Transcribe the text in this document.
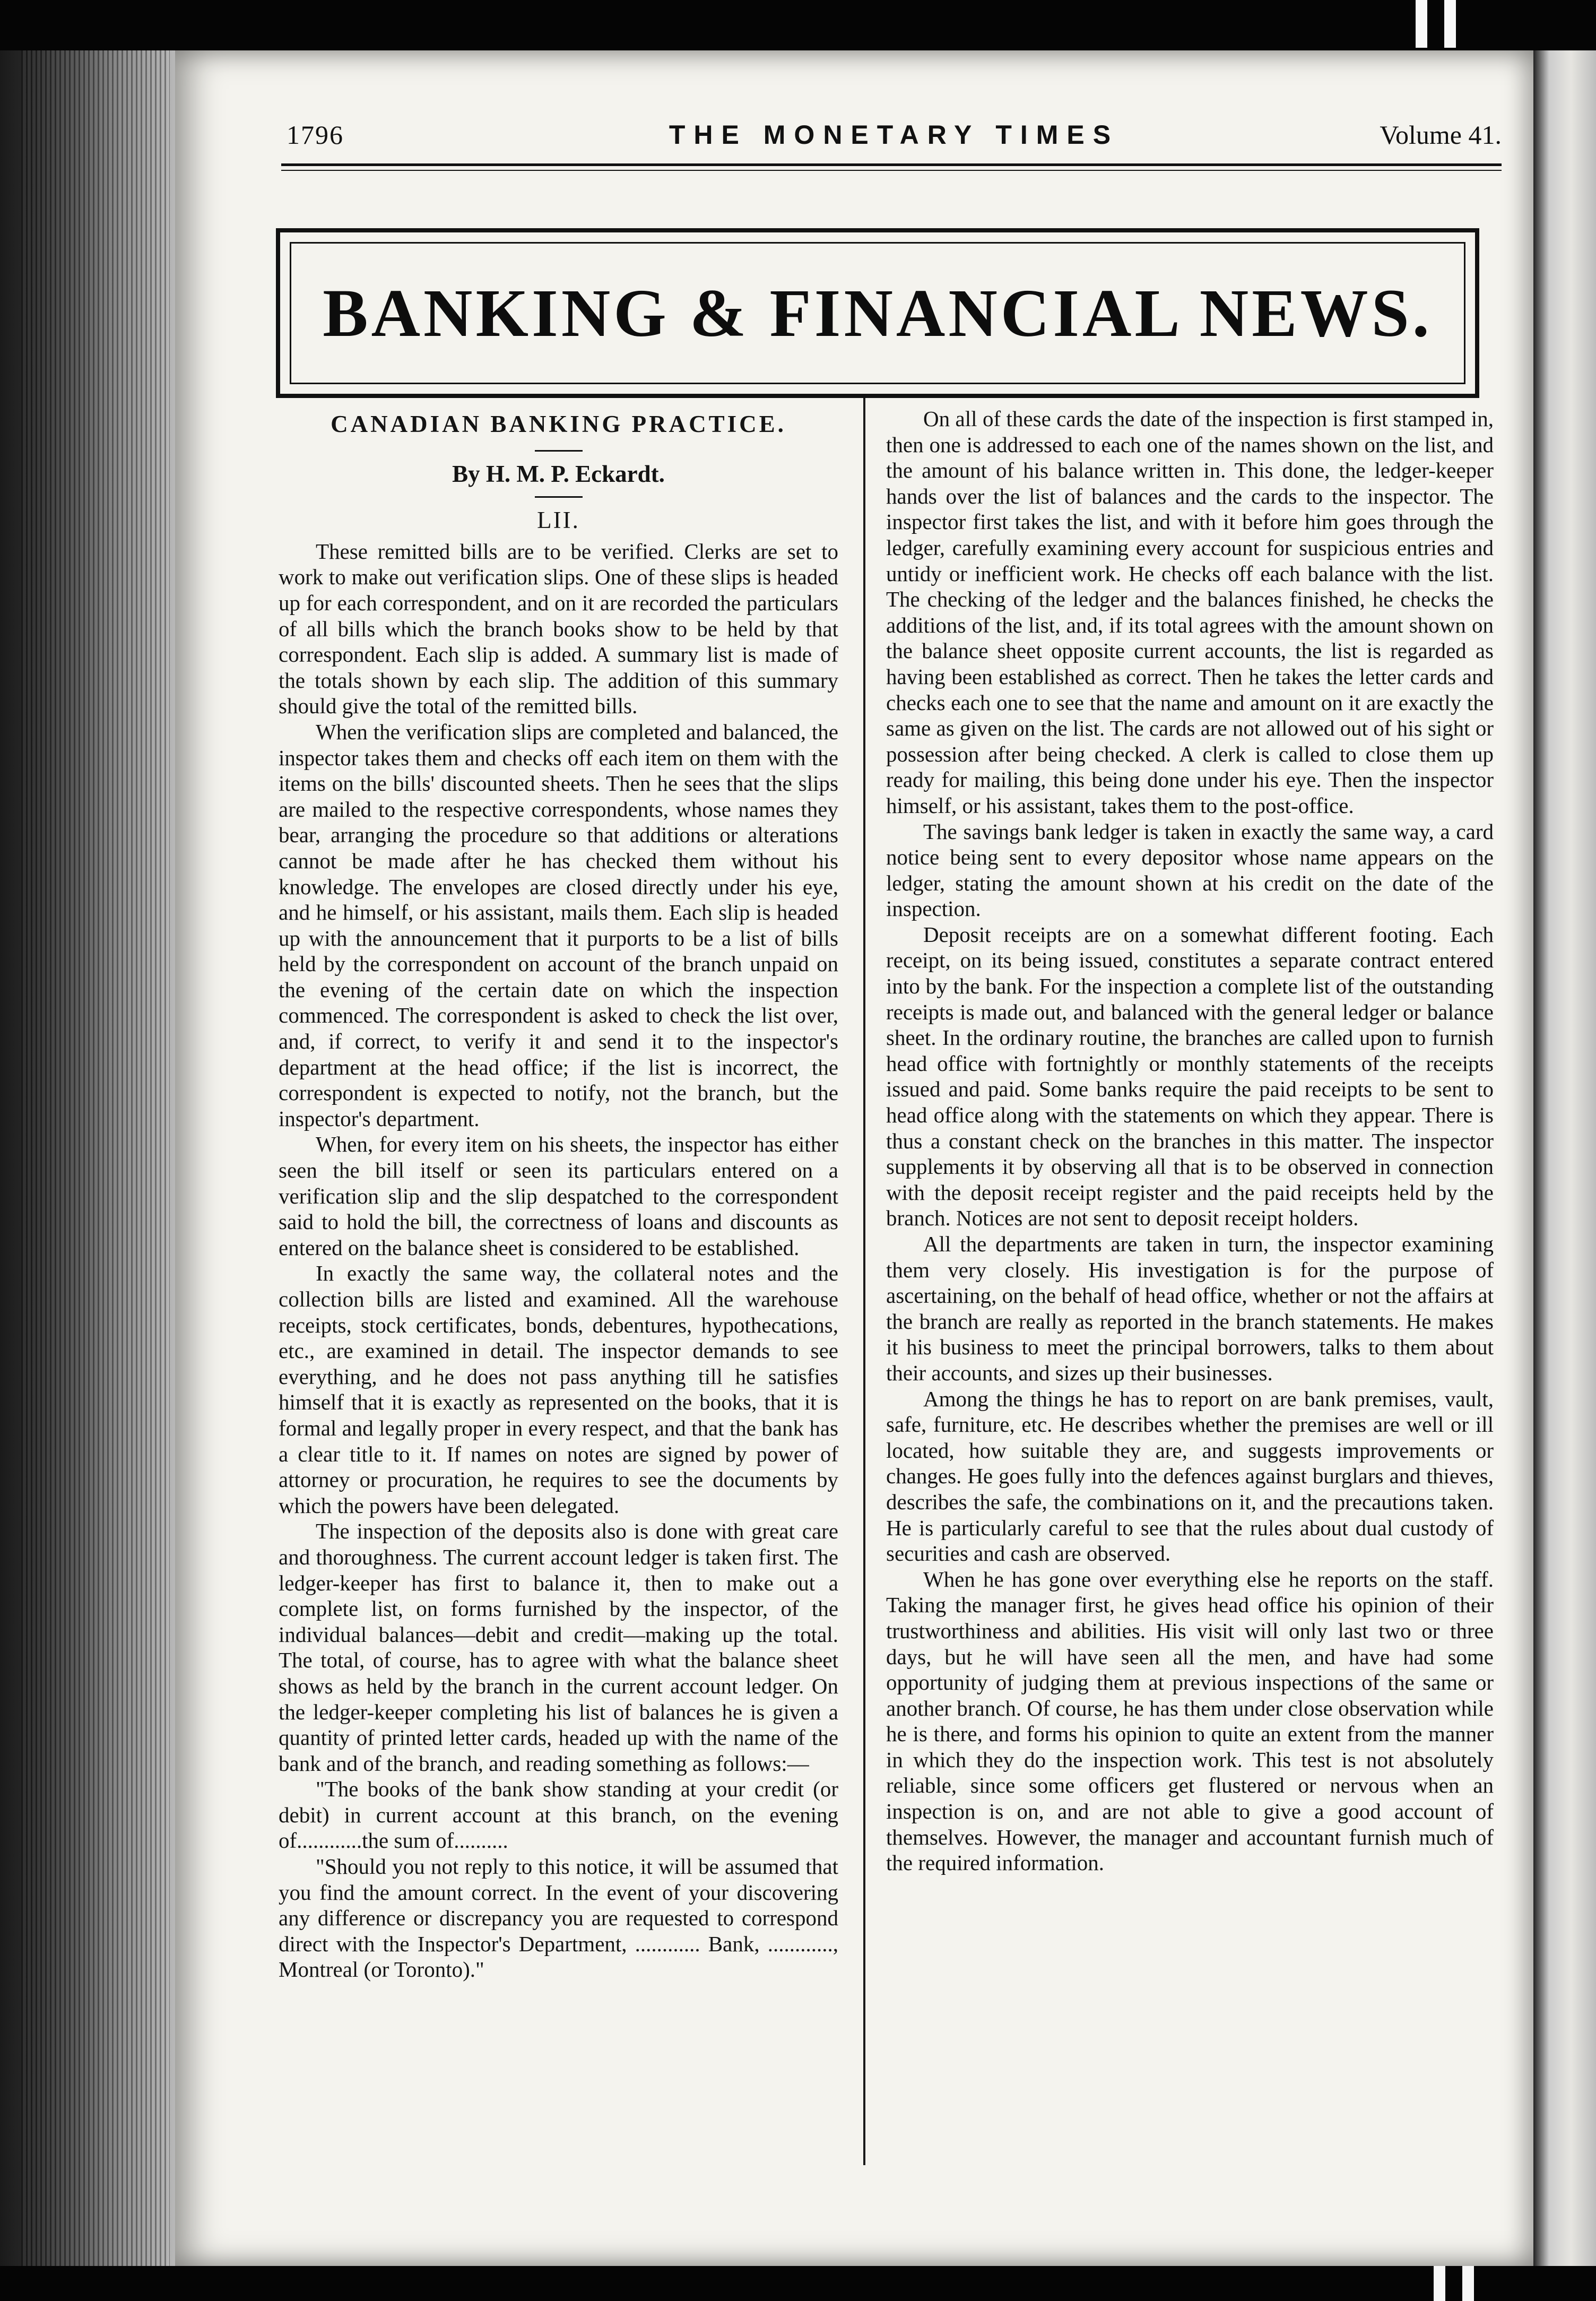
1796	THE MONETARY TIMES	Volume 41.
BANKING & FINANCIAL NEWS.
CANADIAN BANKING PRACTICE.
By H. M. P. Eckardt.
LII.

These remitted bills are to be verified. Clerks are set to work to make out verification slips. One of these slips is headed up for each correspondent, and on it are recorded the particulars of all bills which the branch books show to be held by that correspondent. Each slip is added. A summary list is made of the totals shown by each slip. The addition of this summary should give the total of the remitted bills.

When the verification slips are completed and balanced, the inspector takes them and checks off each item on them with the items on the bills' discounted sheets. Then he sees that the slips are mailed to the respective correspondents, whose names they bear, arranging the procedure so that additions or alterations cannot be made after he has checked them without his knowledge. The envelopes are closed directly under his eye, and he himself, or his assistant, mails them. Each slip is headed up with the announcement that it purports to be a list of bills held by the correspondent on account of the branch unpaid on the evening of the certain date on which the inspection commenced. The correspondent is asked to check the list over, and, if correct, to verify it and send it to the inspector's department at the head office; if the list is incorrect, the correspondent is expected to notify, not the branch, but the inspector's department.

When, for every item on his sheets, the inspector has either seen the bill itself or seen its particulars entered on a verification slip and the slip despatched to the correspondent said to hold the bill, the correctness of loans and discounts as entered on the balance sheet is considered to be established.

In exactly the same way, the collateral notes and the collection bills are listed and examined. All the warehouse receipts, stock certificates, bonds, debentures, hypothecations, etc., are examined in detail. The inspector demands to see everything, and he does not pass anything till he satisfies himself that it is exactly as represented on the books, that it is formal and legally proper in every respect, and that the bank has a clear title to it. If names on notes are signed by power of attorney or procuration, he requires to see the documents by which the powers have been delegated.

The inspection of the deposits also is done with great care and thoroughness. The current account ledger is taken first. The ledger-keeper has first to balance it, then to make out a complete list, on forms furnished by the inspector, of the individual balances—debit and credit—making up the total. The total, of course, has to agree with what the balance sheet shows as held by the branch in the current account ledger. On the ledger-keeper completing his list of balances he is given a quantity of printed letter cards, headed up with the name of the bank and of the branch, and reading something as follows:—

"The books of the bank show standing at your credit (or debit) in current account at this branch, on the evening of............the sum of..........

"Should you not reply to this notice, it will be assumed that you find the amount correct. In the event of your discovering any difference or discrepancy you are requested to correspond direct with the Inspector's Department, ............ Bank, ............, Montreal (or Toronto)."

On all of these cards the date of the inspection is first stamped in, then one is addressed to each one of the names shown on the list, and the amount of his balance written in. This done, the ledger-keeper hands over the list of balances and the cards to the inspector. The inspector first takes the list, and with it before him goes through the ledger, carefully examining every account for suspicious entries and untidy or inefficient work. He checks off each balance with the list. The checking of the ledger and the balances finished, he checks the additions of the list, and, if its total agrees with the amount shown on the balance sheet opposite current accounts, the list is regarded as having been established as correct. Then he takes the letter cards and checks each one to see that the name and amount on it are exactly the same as given on the list. The cards are not allowed out of his sight or possession after being checked. A clerk is called to close them up ready for mailing, this being done under his eye. Then the inspector himself, or his assistant, takes them to the post-office.

The savings bank ledger is taken in exactly the same way, a card notice being sent to every depositor whose name appears on the ledger, stating the amount shown at his credit on the date of the inspection.

Deposit receipts are on a somewhat different footing. Each receipt, on its being issued, constitutes a separate contract entered into by the bank. For the inspection a complete list of the outstanding receipts is made out, and balanced with the general ledger or balance sheet. In the ordinary routine, the branches are called upon to furnish head office with fortnightly or monthly statements of the receipts issued and paid. Some banks require the paid receipts to be sent to head office along with the statements on which they appear. There is thus a constant check on the branches in this matter. The inspector supplements it by observing all that is to be observed in connection with the deposit receipt register and the paid receipts held by the branch. Notices are not sent to deposit receipt holders.

All the departments are taken in turn, the inspector examining them very closely. His investigation is for the purpose of ascertaining, on the behalf of head office, whether or not the affairs at the branch are really as reported in the branch statements. He makes it his business to meet the principal borrowers, talks to them about their accounts, and sizes up their businesses.

Among the things he has to report on are bank premises, vault, safe, furniture, etc. He describes whether the premises are well or ill located, how suitable they are, and suggests improvements or changes. He goes fully into the defences against burglars and thieves, describes the safe, the combinations on it, and the precautions taken. He is particularly careful to see that the rules about dual custody of securities and cash are observed.

When he has gone over everything else he reports on the staff. Taking the manager first, he gives head office his opinion of their trustworthiness and abilities. His visit will only last two or three days, but he will have seen all the men, and have had some opportunity of judging them at previous inspections of the same or another branch. Of course, he has them under close observation while he is there, and forms his opinion to quite an extent from the manner in which they do the inspection work. This test is not absolutely reliable, since some officers get flustered or nervous when an inspection is on, and are not able to give a good account of themselves. However, the manager and accountant furnish much of the required information.
